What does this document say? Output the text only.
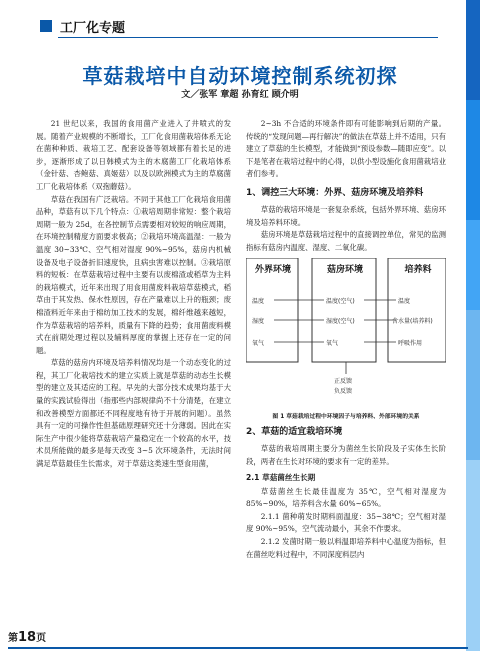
工厂化专题
草菇栽培中自动环境控制系统初探
文／张军 章超 孙育红 顾介明

21 世纪以来，我国的食用菌产业进入了井喷式的发展。随着产业规模的不断增长，工厂化食用菌栽培体系无论在菌种种质、栽培工艺、配套设备等领域都有着长足的进步，逐渐形成了以日韩模式为主的木腐菌工厂化栽培体系（金针菇、杏鲍菇、真姬菇）以及以欧洲模式为主的草腐菌工厂化栽培体系（双孢蘑菇）。

草菇在我国有广泛栽培。不同于其他工厂化栽培食用菌品种，草菇有以下几个特点：①栽培周期非常短：整个栽培周期一般为 25d，在各控制节点需要相对较短的响应周期，在环境控制精度方面要求极高；②栽培环境高温湿：一般为温度 30~33℃、空气相对湿度 90%~95%，菇房内机械设备及电子设备折旧速度快，且病虫害难以控制。③栽培原料的短板：在草菇栽培过程中主要有以废棉渣或稻草为主料的栽培模式，近年来出现了用食用菌废料栽培草菇模式，稻草由于其发热、保水性原因，存在产量难以上升的瓶颈；废棉渣料近年来由于棉纺加工技术的发展，棉纤维越来越短，作为草菇栽培的培养料，质量有下降的趋势；食用菌废料模式在前期处理过程以及辅料厚度的掌握上还存在一定的问题。

草菇的菇房内环境及培养料情况均是一个动态变化的过程，其工厂化栽培技术的建立实质上就是草菇的动态生长模型的建立及其适应的工程。早先的大部分技术成果均基于大量的实践试验得出（指那些内部规律尚不十分清楚，在建立和改善模型方面都还不同程度地有待于开展的问题）。虽然具有一定的可操作性但基础原理研究还十分薄弱。因此在实际生产中很少能将草菇栽培产量稳定在一个较高的水平，技术员所能做的最多是每天改变 3~5 次环境条件，无法时间满足草菇最佳生长需求，对于草菇这类速生型食用菌，

2~3h 不合适的环境条件即有可能影响到后期的产量。传统的“发现问题—再行解决”的做法在草菇上并不适用，只有建立了草菇的生长模型，才能做到“预设参数—随即应变”。以下是笔者在栽培过程中的心得，以供小型设施化食用菌栽培业者们参考。

1、调控三大环境：外界、菇房环境及培养料

草菇的栽培环境是一套复杂系统，包括外界环境、菇房环境及培养料环境。

菇房环境是草菇栽培过程中的直接调控单位，常见的监测指标有菇房内温度、湿度、二氧化碳。

外界环境	菇房环境	培养料
温度
湿度
氧气
温度(空气)
湿度(空气)
氧气
温度
含水量(培养料)
呼吸作用
正反馈
负反馈
图 1 草菇栽培过程中环境因子与培养料、外部环境的关系
2、草菇的适宜栽培环境

草菇的栽培周期主要分为菌丝生长阶段及子实体生长阶段，两者在生长对环境的要求有一定的差异。

2.1 草菇菌丝生长期

草菇菌丝生长最佳温度为 35℃，空气相对湿度为 85%~90%，培养料含水量 60%~65%。

2.1.1 菌种萌发时期料面温度：35~38℃；空气相对湿度 90%~95%，空气流动最小，其余不作要求。

2.1.2 发菌时期一般以料温即培养料中心温度为指标，但在菌丝吃料过程中，不同深度料层内

第18页
